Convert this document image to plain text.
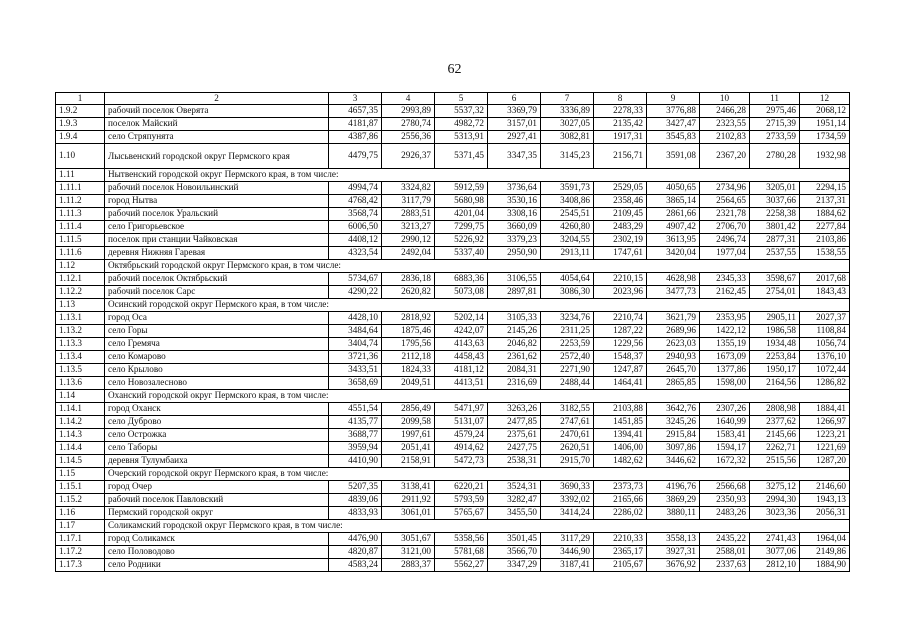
62
1	2	3	4	5	6	7	8	9	10	11	12
1.9.2	рабочий поселок Оверята	4657,35	2993,89	5537,32	3369,79	3336,89	2278,33	3776,88	2466,28	2975,46	2068,12
1.9.3	поселок Майский	4181,87	2780,74	4982,72	3157,01	3027,05	2135,42	3427,47	2323,55	2715,39	1951,14
1.9.4	село Стряпунята	4387,86	2556,36	5313,91	2927,41	3082,81	1917,31	3545,83	2102,83	2733,59	1734,59
1.10	Лысьвенский городской округ Пермского края	4479,75	2926,37	5371,45	3347,35	3145,23	2156,71	3591,08	2367,20	2780,28	1932,98
1.11	Нытвенский городской округ Пермского края, в том числе:										
1.11.1	рабочий поселок Новоильинский	4994,74	3324,82	5912,59	3736,64	3591,73	2529,05	4050,65	2734,96	3205,01	2294,15
1.11.2	город Нытва	4768,42	3117,79	5680,98	3530,16	3408,86	2358,46	3865,14	2564,65	3037,66	2137,31
1.11.3	рабочий поселок Уральский	3568,74	2883,51	4201,04	3308,16	2545,51	2109,45	2861,66	2321,78	2258,38	1884,62
1.11.4	село Григорьевское	6006,50	3213,27	7299,75	3660,09	4260,80	2483,29	4907,42	2706,70	3801,42	2277,84
1.11.5	поселок при станции Чайковская	4408,12	2990,12	5226,92	3379,23	3204,55	2302,19	3613,95	2496,74	2877,31	2103,86
1.11.6	деревня Нижняя Гаревая	4323,54	2492,04	5337,40	2950,90	2913,11	1747,61	3420,04	1977,04	2537,55	1538,55
1.12	Октябрьский городской округ Пермского края, в том числе:										
1.12.1	рабочий поселок Октябрьский	5734,67	2836,18	6883,36	3106,55	4054,64	2210,15	4628,98	2345,33	3598,67	2017,68
1.12.2	рабочий поселок Сарс	4290,22	2620,82	5073,08	2897,81	3086,30	2023,96	3477,73	2162,45	2754,01	1843,43
1.13	Осинский городской округ Пермского края, в том числе:										
1.13.1	город Оса	4428,10	2818,92	5202,14	3105,33	3234,76	2210,74	3621,79	2353,95	2905,11	2027,37
1.13.2	село Горы	3484,64	1875,46	4242,07	2145,26	2311,25	1287,22	2689,96	1422,12	1986,58	1108,84
1.13.3	село Гремяча	3404,74	1795,56	4143,63	2046,82	2253,59	1229,56	2623,03	1355,19	1934,48	1056,74
1.13.4	село Комарово	3721,36	2112,18	4458,43	2361,62	2572,40	1548,37	2940,93	1673,09	2253,84	1376,10
1.13.5	село Крылово	3433,51	1824,33	4181,12	2084,31	2271,90	1247,87	2645,70	1377,86	1950,17	1072,44
1.13.6	село Новозалесново	3658,69	2049,51	4413,51	2316,69	2488,44	1464,41	2865,85	1598,00	2164,56	1286,82
1.14	Оханский городской округ Пермского края, в том числе:										
1.14.1	город Оханск	4551,54	2856,49	5471,97	3263,26	3182,55	2103,88	3642,76	2307,26	2808,98	1884,41
1.14.2	село Дуброво	4135,77	2099,58	5131,07	2477,85	2747,61	1451,85	3245,26	1640,99	2377,62	1266,97
1.14.3	село Острожка	3688,77	1997,61	4579,24	2375,61	2470,61	1394,41	2915,84	1583,41	2145,66	1223,21
1.14.4	село Таборы	3959,94	2051,41	4914,62	2427,75	2620,51	1406,00	3097,86	1594,17	2262,71	1221,69
1.14.5	деревня Тулумбаиха	4410,90	2158,91	5472,73	2538,31	2915,70	1482,62	3446,62	1672,32	2515,56	1287,20
1.15	Очерский городской округ Пермского края, в том числе:										
1.15.1	город Очер	5207,35	3138,41	6220,21	3524,31	3690,33	2373,73	4196,76	2566,68	3275,12	2146,60
1.15.2	рабочий поселок Павловский	4839,06	2911,92	5793,59	3282,47	3392,02	2165,66	3869,29	2350,93	2994,30	1943,13
1.16	Пермский городской округ	4833,93	3061,01	5765,67	3455,50	3414,24	2286,02	3880,11	2483,26	3023,36	2056,31
1.17	Соликамский городской округ Пермского края, в том числе:										
1.17.1	город Соликамск	4476,90	3051,67	5358,56	3501,45	3117,29	2210,33	3558,13	2435,22	2741,43	1964,04
1.17.2	село Половодово	4820,87	3121,00	5781,68	3566,70	3446,90	2365,17	3927,31	2588,01	3077,06	2149,86
1.17.3	село Родники	4583,24	2883,37	5562,27	3347,29	3187,41	2105,67	3676,92	2337,63	2812,10	1884,90
